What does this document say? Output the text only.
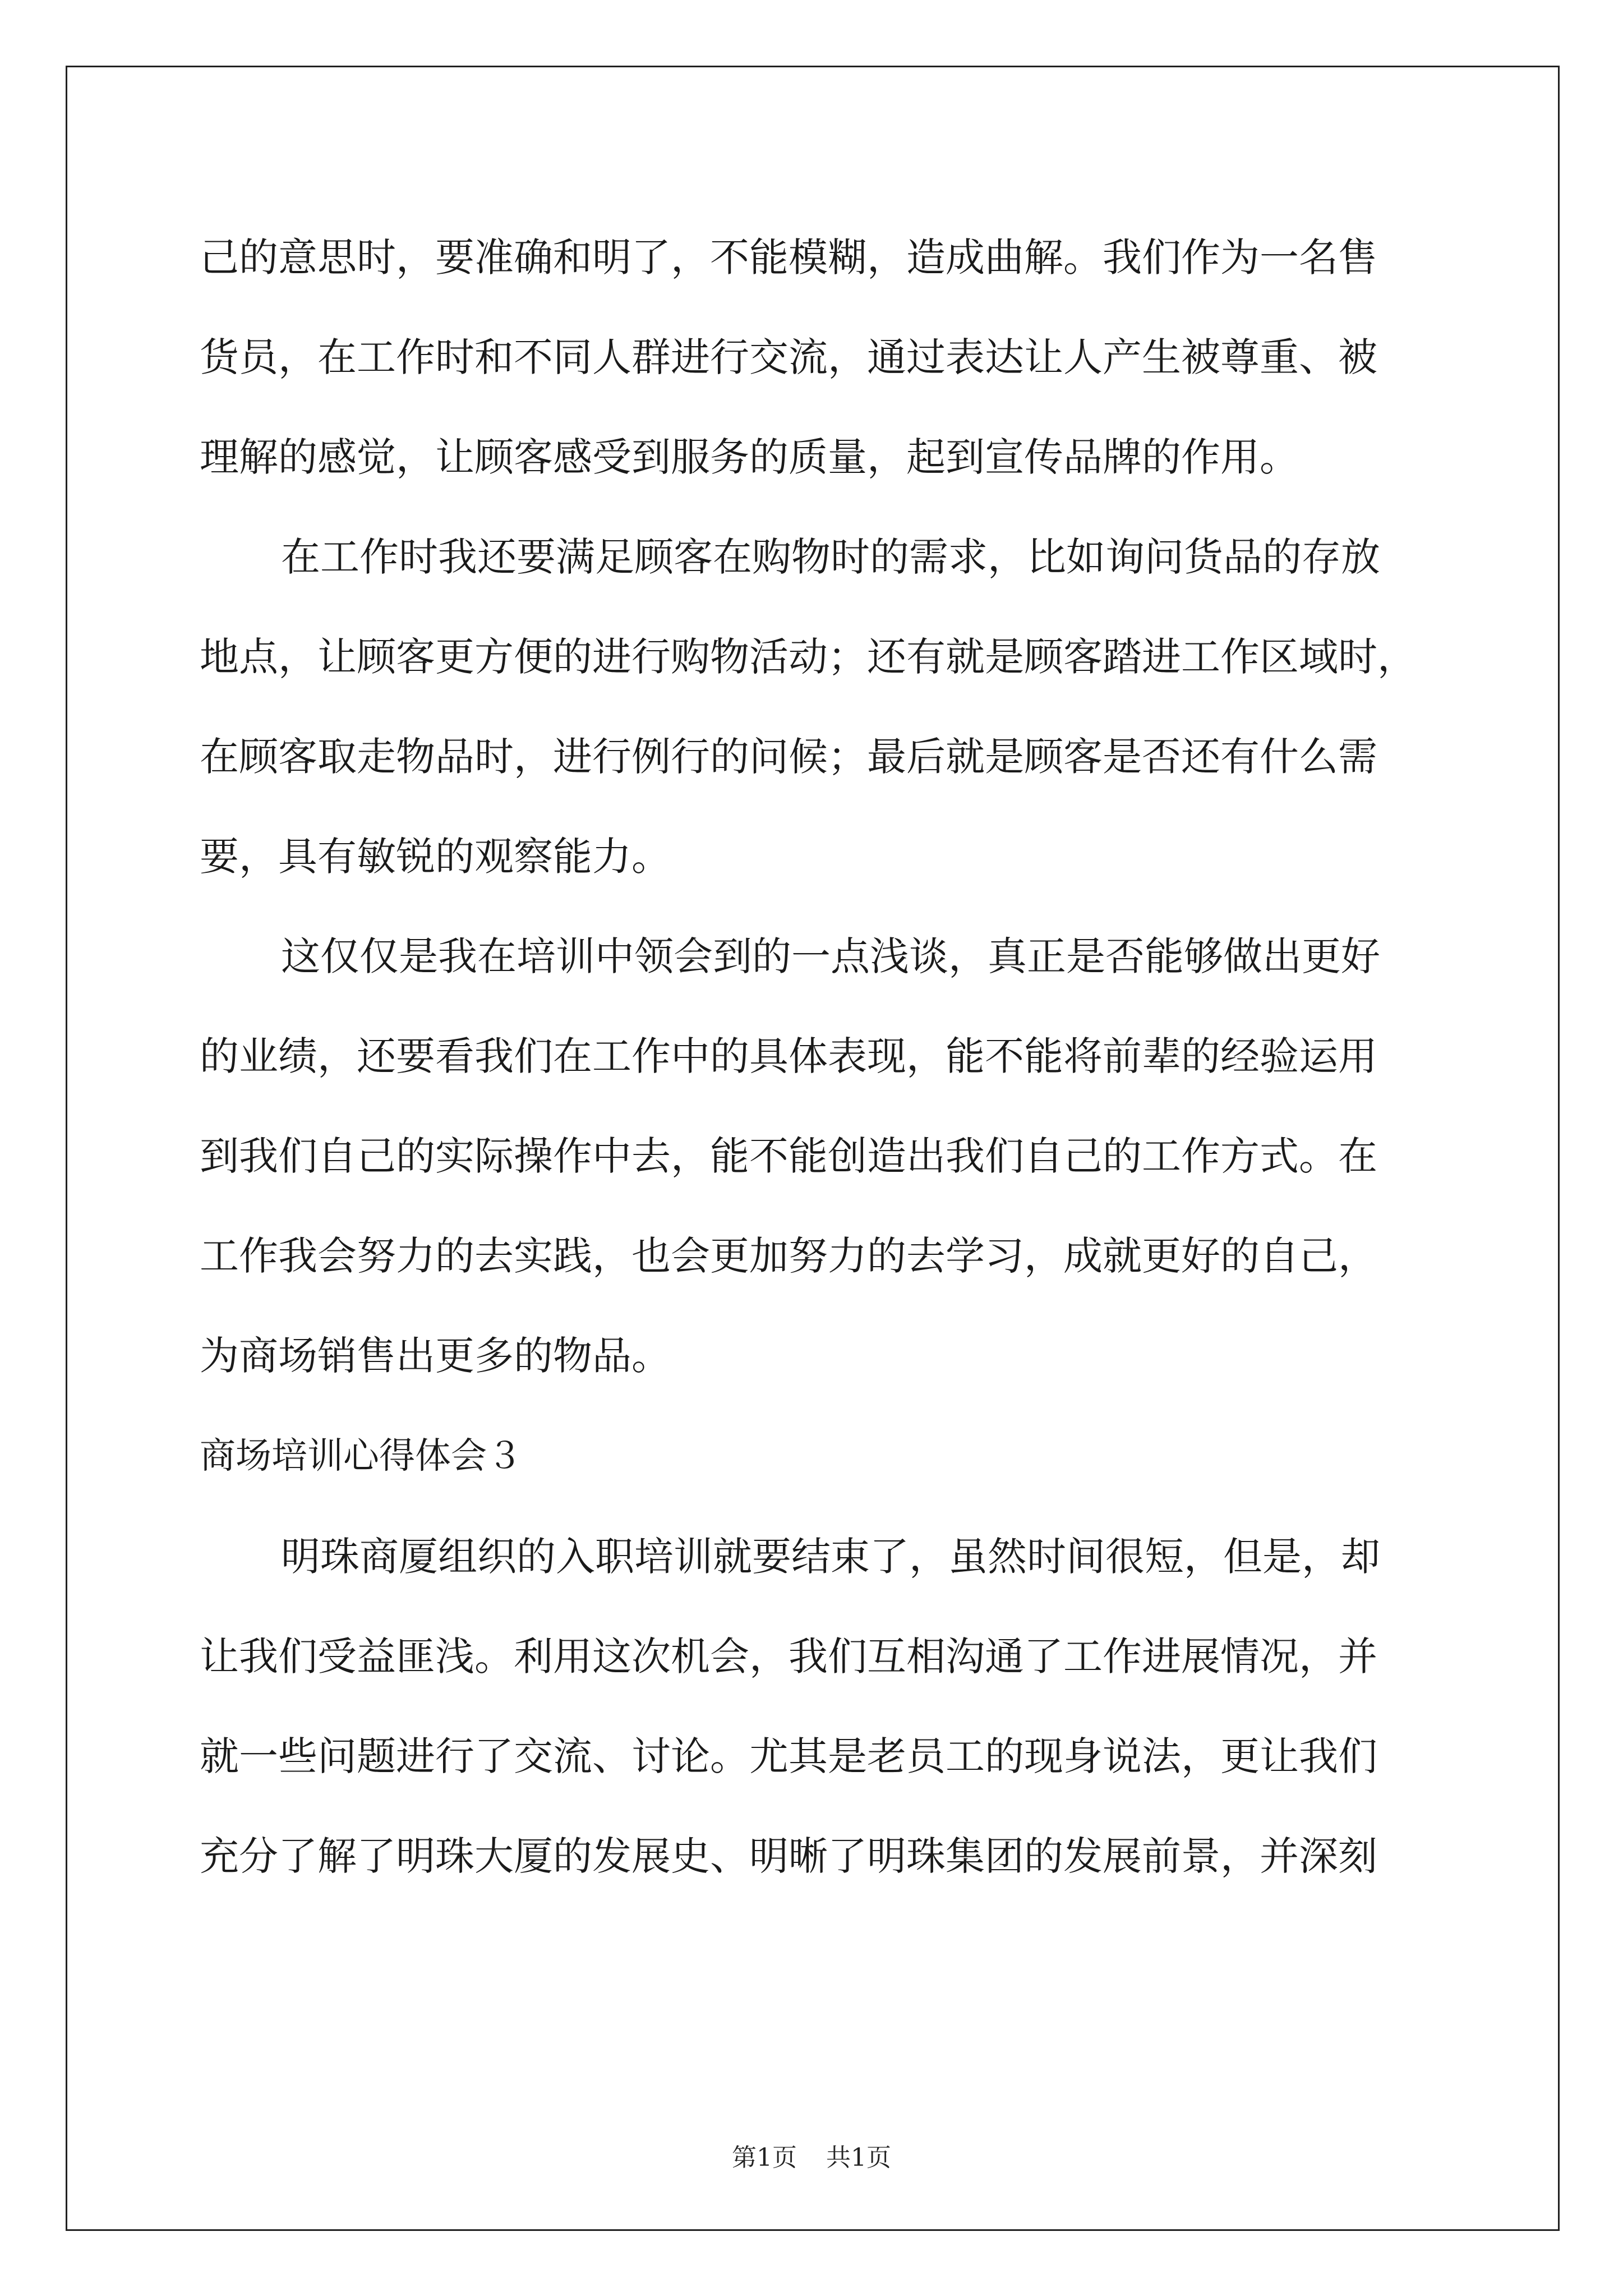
己的意思时，要准确和明了，不能模糊，造成曲解。我们作为一名售
货员，在工作时和不同人群进行交流，通过表达让人产生被尊重、被
理解的感觉，让顾客感受到服务的质量，起到宣传品牌的作用。
在工作时我还要满足顾客在购物时的需求，比如询问货品的存放
地点，让顾客更方便的进行购物活动；还有就是顾客踏进工作区域时，
在顾客取走物品时，进行例行的问候；最后就是顾客是否还有什么需
要，具有敏锐的观察能力。
这仅仅是我在培训中领会到的一点浅谈，真正是否能够做出更好
的业绩，还要看我们在工作中的具体表现，能不能将前辈的经验运用
到我们自己的实际操作中去，能不能创造出我们自己的工作方式。在
工作我会努力的去实践，也会更加努力的去学习，成就更好的自己，
为商场销售出更多的物品。
商场培训心得体会３
明珠商厦组织的入职培训就要结束了，虽然时间很短，但是，却
让我们受益匪浅。利用这次机会，我们互相沟通了工作进展情况，并
就一些问题进行了交流、讨论。尤其是老员工的现身说法，更让我们
充分了解了明珠大厦的发展史、明晰了明珠集团的发展前景，并深刻
第1页 共1页
